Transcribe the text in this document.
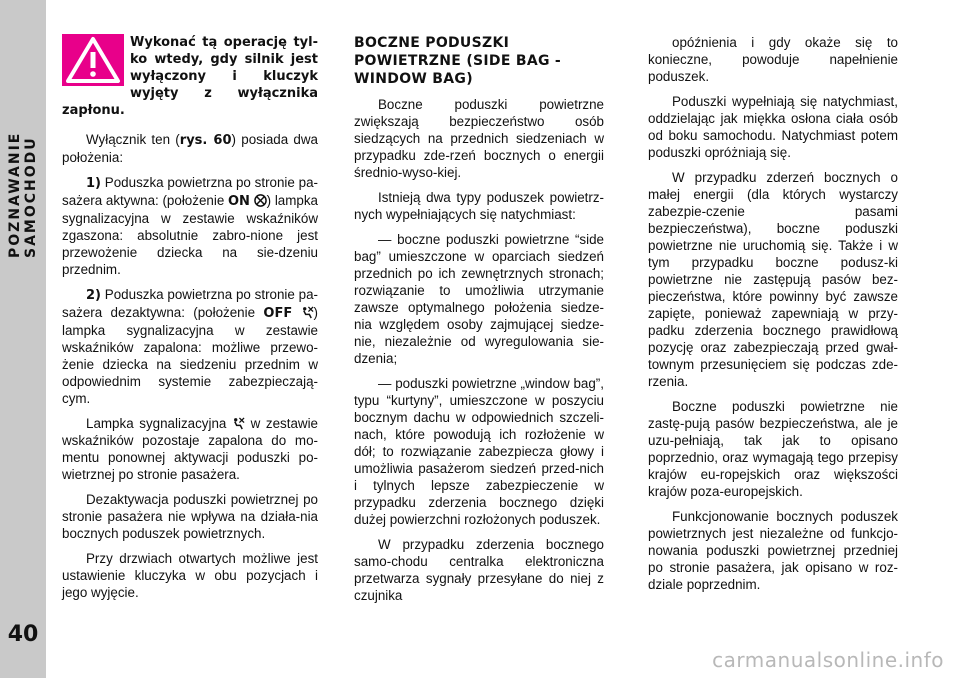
POZNAWANIE SAMOCHODU
40
Wykonać tą operację tyl-ko wtedy, gdy silnik jest wyłączony i kluczyk wyjęty z wyłącznika zapłonu.

Wyłącznik ten (rys. 60) posiada dwa położenia:

1) Poduszka powietrzna po stronie pa-sażera aktywna: (położenie ON ) lampka sygnalizacyjna w zestawie wskaźników zgaszona: absolutnie zabro-nione jest przewożenie dziecka na sie-dzeniu przednim.

2) Poduszka powietrzna po stronie pa-sażera dezaktywna: (położenie OFF ) lampka sygnalizacyjna w zestawie wskaźników zapalona: możliwe przewo-żenie dziecka na siedzeniu przednim w odpowiednim systemie zabezpieczają-cym.

Lampka sygnalizacyjna  w zestawie wskaźników pozostaje zapalona do mo-mentu ponownej aktywacji poduszki po-wietrznej po stronie pasażera.

Dezaktywacja poduszki powietrznej po stronie pasażera nie wpływa na działa-nia bocznych poduszek powietrznych.

Przy drzwiach otwartych możliwe jest ustawienie kluczyka w obu pozycjach i jego wyjęcie.

BOCZNE PODUSZKI POWIETRZNE (SIDE BAG - WINDOW BAG)

Boczne poduszki powietrzne zwiększają bezpieczeństwo osób siedzących na przednich siedzeniach w przypadku zde-rzeń bocznych o energii średnio-wyso-kiej.

Istnieją dwa typy poduszek powietrz-nych wypełniających się natychmiast:

— boczne poduszki powietrzne “side bag” umieszczone w oparciach siedzeń przednich po ich zewnętrznych stronach; rozwiązanie to umożliwia utrzymanie zawsze optymalnego położenia siedze-nia względem osoby zajmującej siedze-nie, niezależnie od wyregulowania sie-dzenia;

— poduszki powietrzne „window bag”, typu “kurtyny”, umieszczone w poszyciu bocznym dachu w odpowiednich szczeli-nach, które powodują ich rozłożenie w dół; to rozwiązanie zabezpiecza głowy i umożliwia pasażerom siedzeń przed-nich i tylnych lepsze zabezpieczenie w przypadku zderzenia bocznego dzięki dużej powierzchni rozłożonych poduszek.

W przypadku zderzenia bocznego samo-chodu centralka elektroniczna przetwarza sygnały przesyłane do niej z czujnika

opóźnienia i gdy okaże się to konieczne, powoduje napełnienie poduszek.

Poduszki wypełniają się natychmiast, oddzielając jak miękka osłona ciała osób od boku samochodu. Natychmiast potem poduszki opróżniają się.

W przypadku zderzeń bocznych o małej energii (dla których wystarczy zabezpie-czenie pasami bezpieczeństwa), boczne poduszki powietrzne nie uruchomią się. Także i w tym przypadku boczne podusz-ki powietrzne nie zastępują pasów bez-pieczeństwa, które powinny być zawsze zapięte, ponieważ zapewniają w przy-padku zderzenia bocznego prawidłową pozycję oraz zabezpieczają przed gwał-townym przesunięciem się podczas zde-rzenia.

Boczne poduszki powietrzne nie zastę-pują pasów bezpieczeństwa, ale je uzu-pełniają, tak jak to opisano poprzednio, oraz wymagają tego przepisy krajów eu-ropejskich oraz większości krajów poza-europejskich.

Funkcjonowanie bocznych poduszek powietrznych jest niezależne od funkcjo-nowania poduszki powietrznej przedniej po stronie pasażera, jak opisano w roz-dziale poprzednim.

carmanualsonline.info
